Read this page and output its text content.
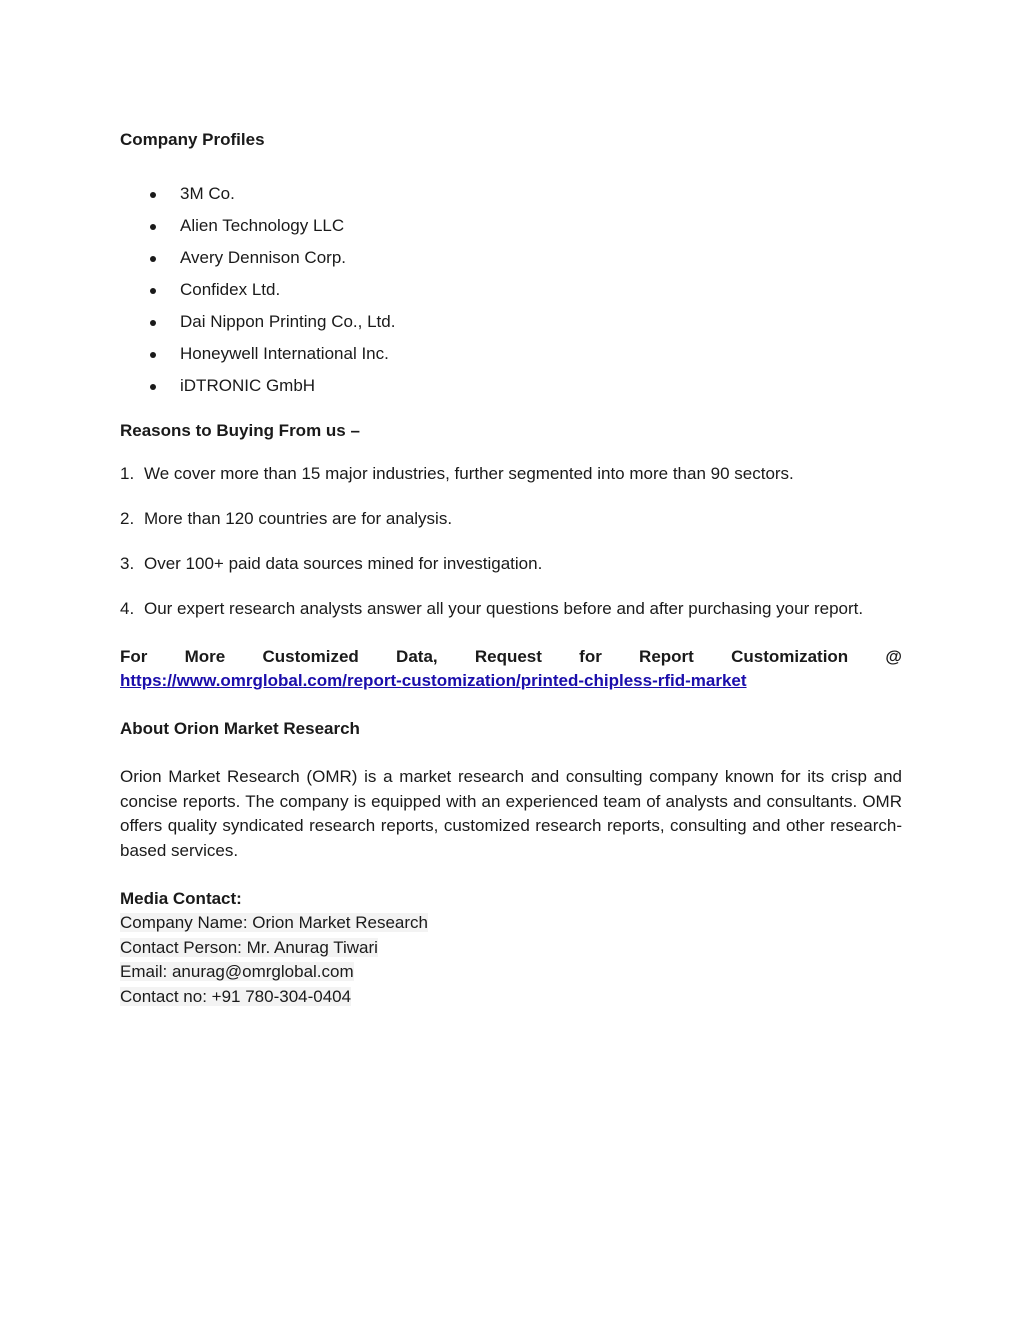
Company Profiles

3M Co.
Alien Technology LLC
Avery Dennison Corp.
Confidex Ltd.
Dai Nippon Printing Co., Ltd.
Honeywell International Inc.
iDTRONIC GmbH

Reasons to Buying From us –

1. We cover more than 15 major industries, further segmented into more than 90 sectors.

2. More than 120 countries are for analysis.

3. Over 100+ paid data sources mined for investigation.

4. Our expert research analysts answer all your questions before and after purchasing your report.

For More Customized Data, Request for Report Customization @
https://www.omrglobal.com/report-customization/printed-chipless-rfid-market

About Orion Market Research

Orion Market Research (OMR) is a market research and consulting company known for its crisp and concise reports. The company is equipped with an experienced team of analysts and consultants. OMR offers quality syndicated research reports, customized research reports, consulting and other research-based services.

Media Contact:

Company Name: Orion Market Research

Contact Person: Mr. Anurag Tiwari

Email: anurag@omrglobal.com

Contact no: +91 780-304-0404
